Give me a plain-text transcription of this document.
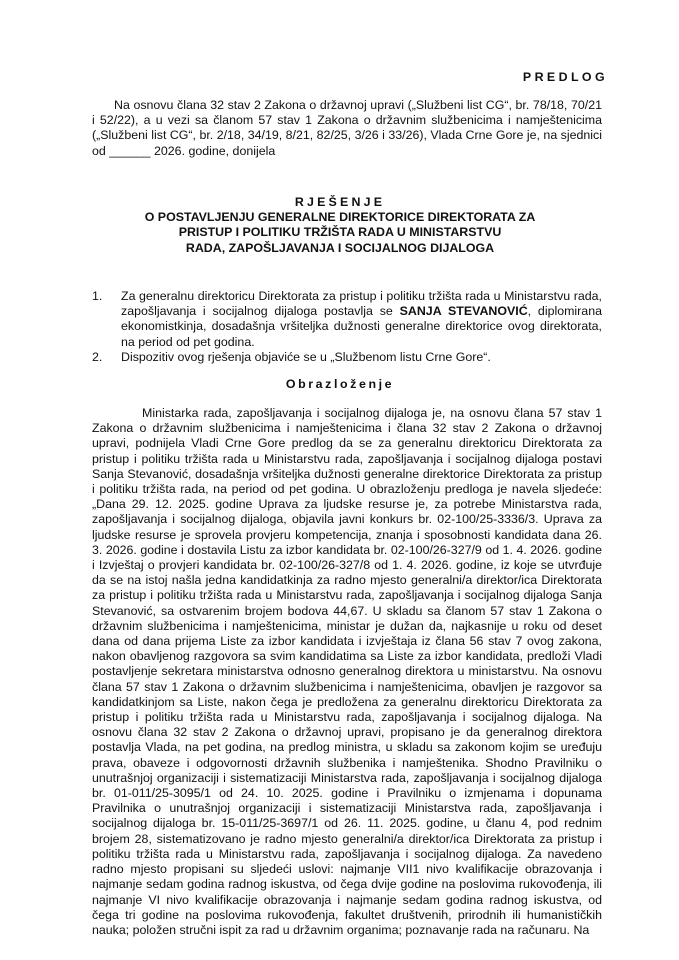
PREDLOG
Na osnovu člana 32 stav 2 Zakona o državnoj upravi („Službeni list CG“, br. 78/18, 70/21 i 52/22), a u vezi sa članom 57 stav 1 Zakona o državnim službenicima i namještenicima („Službeni list CG“, br. 2/18, 34/19, 8/21, 82/25, 3/26 i 33/26), Vlada Crne Gore je, na sjednici od ______ 2026. godine, donijela
RJEŠENJE
O POSTAVLJENJU GENERALNE DIREKTORICE DIREKTORATA ZA
PRISTUP I POLITIKU TRŽIŠTA RADA U MINISTARSTVU
RADA, ZAPOŠLJAVANJA I SOCIJALNOG DIJALOGA
1. Za generalnu direktoricu Direktorata za pristup i politiku tržišta rada u Ministarstvu rada, zapošljavanja i socijalnog dijaloga postavlja se SANJA STEVANOVIĆ, diplomirana ekonomistkinja, dosadašnja vršiteljka dužnosti generalne direktorice ovog direktorata, na period od pet godina.
2. Dispozitiv ovog rješenja objaviće se u „Službenom listu Crne Gore“.
Obrazloženje
Ministarka rada, zapošljavanja i socijalnog dijaloga je, na osnovu člana 57 stav 1 Zakona o državnim službenicima i namještenicima i člana 32 stav 2 Zakona o državnoj upravi, podnijela Vladi Crne Gore predlog da se za generalnu direktoricu Direktorata za pristup i politiku tržišta rada u Ministarstvu rada, zapošljavanja i socijalnog dijaloga postavi Sanja Stevanović, dosadašnja vršiteljka dužnosti generalne direktorice Direktorata za pristup i politiku tržišta rada, na period od pet godina. U obrazloženju predloga je navela sljedeće: „Dana 29. 12. 2025. godine Uprava za ljudske resurse je, za potrebe Ministarstva rada, zapošljavanja i socijalnog dijaloga, objavila javni konkurs br. 02-100/25-3336/3. Uprava za ljudske resurse je sprovela provjeru kompetencija, znanja i sposobnosti kandidata dana 26. 3. 2026. godine i dostavila Listu za izbor kandidata br. 02-100/26-327/9 od 1. 4. 2026. godine i Izvještaj o provjeri kandidata br. 02-100/26-327/8 od 1. 4. 2026. godine, iz koje se utvrđuje da se na istoj našla jedna kandidatkinja za radno mjesto generalni/a direktor/ica Direktorata za pristup i politiku tržišta rada u Ministarstvu rada, zapošljavanja i socijalnog dijaloga Sanja Stevanović, sa ostvarenim brojem bodova 44,67. U skladu sa članom 57 stav 1 Zakona o državnim službenicima i namještenicima, ministar je dužan da, najkasnije u roku od deset dana od dana prijema Liste za izbor kandidata i izvještaja iz člana 56 stav 7 ovog zakona, nakon obavljenog razgovora sa svim kandidatima sa Liste za izbor kandidata, predloži Vladi postavljenje sekretara ministarstva odnosno generalnog direktora u ministarstvu. Na osnovu člana 57 stav 1 Zakona o državnim službenicima i namještenicima, obavljen je razgovor sa kandidatkinjom sa Liste, nakon čega je predložena za generalnu direktoricu Direktorata za pristup i politiku tržišta rada u Ministarstvu rada, zapošljavanja i socijalnog dijaloga. Na osnovu člana 32 stav 2 Zakona o državnoj upravi, propisano je da generalnog direktora postavlja Vlada, na pet godina, na predlog ministra, u skladu sa zakonom kojim se uređuju prava, obaveze i odgovornosti državnih službenika i namještenika. Shodno Pravilniku o unutrašnjoj organizaciji i sistematizaciji Ministarstva rada, zapošljavanja i socijalnog dijaloga br. 01-011/25-3095/1 od 24. 10. 2025. godine i Pravilniku o izmjenama i dopunama Pravilnika o unutrašnjoj organizaciji i sistematizaciji Ministarstva rada, zapošljavanja i socijalnog dijaloga br. 15-011/25-3697/1 od 26. 11. 2025. godine, u članu 4, pod rednim brojem 28, sistematizovano je radno mjesto generalni/a direktor/ica Direktorata za pristup i politiku tržišta rada u Ministarstvu rada, zapošljavanja i socijalnog dijaloga. Za navedeno radno mjesto propisani su sljedeći uslovi: najmanje VII1 nivo kvalifikacije obrazovanja i najmanje sedam godina radnog iskustva, od čega dvije godine na poslovima rukovođenja, ili najmanje VI nivo kvalifikacije obrazovanja i najmanje sedam godina radnog iskustva, od čega tri godine na poslovima rukovođenja, fakultet društvenih, prirodnih ili humanističkih nauka; položen stručni ispit za rad u državnim organima; poznavanje rada na računaru. Na
